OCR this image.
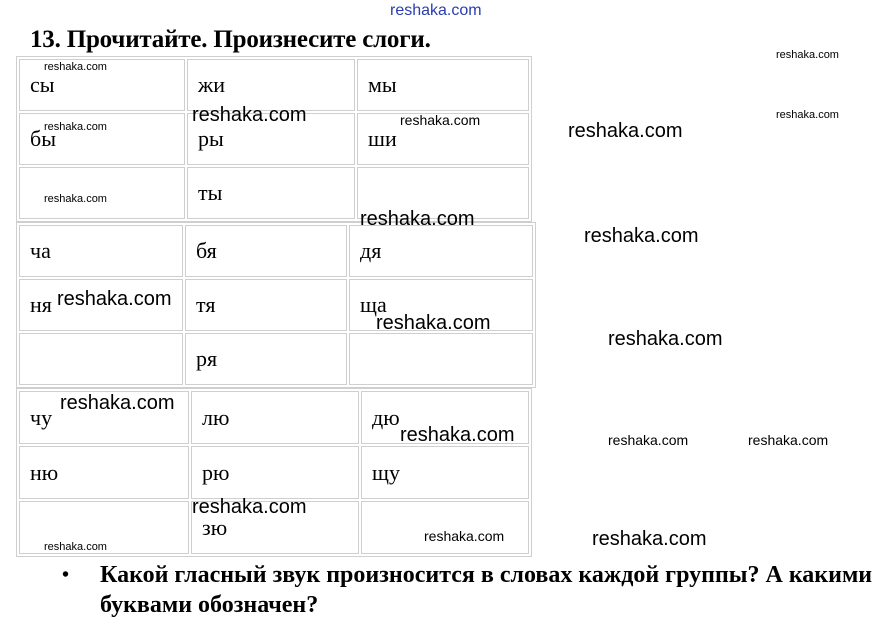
reshaka.com
13. Прочитайте. Произнесите слоги.
сы	жи	мы
бы	ры	ши
	ты	
ча	бя	дя
ня	тя	ща
	ря	
чу	лю	дю
ню	рю	щу
	зю	

•	Какой гласный звук произносится в словах каждой группы? А какими буквами обозначен?

reshaka.com
reshaka.com
reshaka.com
reshaka.com
reshaka.com	reshaka.com	reshaka.com
reshaka.com
reshaka.com
reshaka.com
reshaka.com
reshaka.com
reshaka.com
reshaka.com
reshaka.com	reshaka.com	reshaka.com
reshaka.com
reshaka.com	reshaka.com
reshaka.com
